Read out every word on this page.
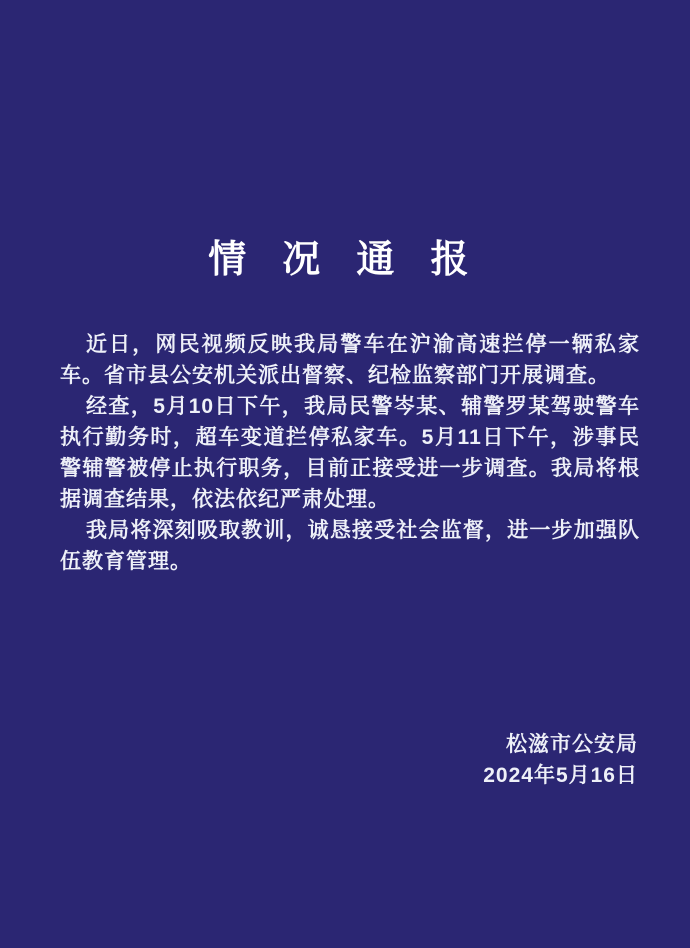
情 况 通 报

近日，网民视频反映我局警车在沪渝高速拦停一辆私家车。省市县公安机关派出督察、纪检监察部门开展调查。

经查，5月10日下午，我局民警岑某、辅警罗某驾驶警车执行勤务时，超车变道拦停私家车。5月11日下午，涉事民警辅警被停止执行职务，目前正接受进一步调查。我局将根据调查结果，依法依纪严肃处理。

我局将深刻吸取教训，诚恳接受社会监督，进一步加强队伍教育管理。

松滋市公安局
2024年5月16日
